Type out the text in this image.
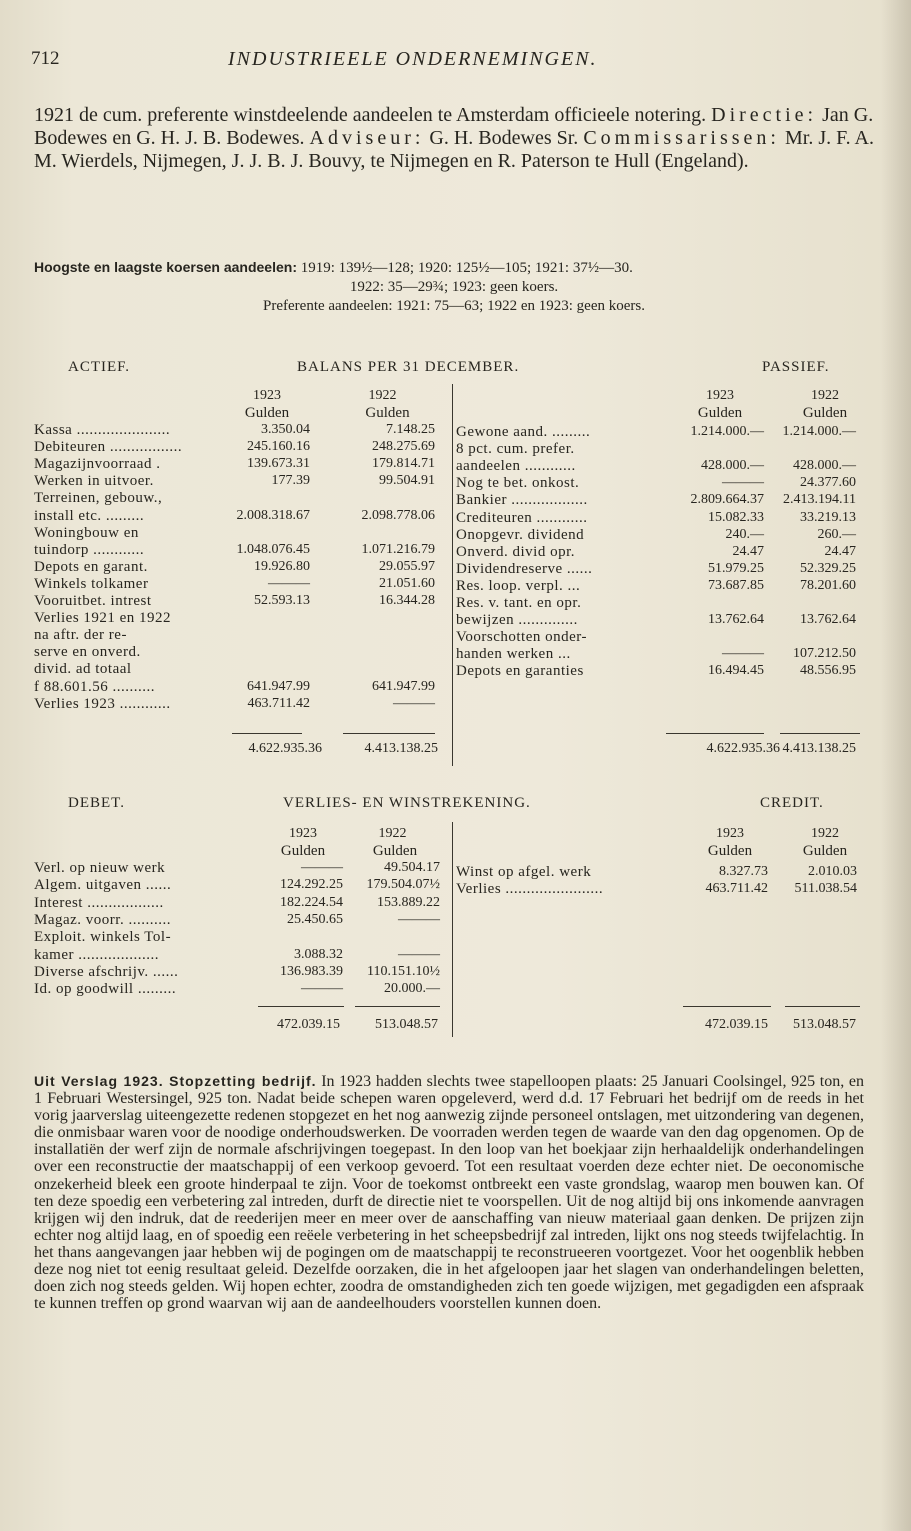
712	INDUSTRIEELE ONDERNEMINGEN.

1921 de cum. preferente winstdeelende aandeelen te Amsterdam officieele notering. Directie: Jan G. Bodewes en G. H. J. B. Bodewes. Adviseur: G. H. Bodewes Sr. Commissarissen: Mr. J. F. A. M. Wierdels, Nijmegen, J. J. B. J. Bouvy, te Nijmegen en R. Paterson te Hull (Engeland).

Hoogste en laagste koersen aandeelen: 1919: 139½—128; 1920: 125½—105; 1921: 37½—30.

1922: 35—29¾; 1923: geen koers.

Preferente aandeelen: 1921: 75—63; 1922 en 1923: geen koers.

ACTIEF.	BALANS PER 31 DECEMBER.	PASSIEF.
1923	1922
Gulden	Gulden
1923	1922
Gulden	Gulden
Kassa ......................	3.350.04	7.148.25
Debiteuren .................	245.160.16	248.275.69
Magazijnvoorraad .	139.673.31	179.814.71
Werken in uitvoer.	177.39	99.504.91
Terreinen, gebouw.,
install etc. .........	2.008.318.67	2.098.778.06
Woningbouw en
tuindorp ............	1.048.076.45	1.071.216.79
Depots en garant.	19.926.80	29.055.97
Winkels tolkamer	———	21.051.60
Vooruitbet. intrest	52.593.13	16.344.28
Verlies 1921 en 1922
na aftr. der re-
serve en onverd.
divid. ad totaal
f 88.601.56 ..........	641.947.99	641.947.99
Verlies 1923 ............	463.711.42	———
Gewone aand. .........	1.214.000.—	1.214.000.—
8 pct. cum. prefer.
aandeelen ............	428.000.—	428.000.—
Nog te bet. onkost.	———	24.377.60
Bankier ..................	2.809.664.37	2.413.194.11
Crediteuren ............	15.082.33	33.219.13
Onopgevr. dividend	240.—	260.—
Onverd. divid opr.	24.47	24.47
Dividendreserve ......	51.979.25	52.329.25
Res. loop. verpl. ...	73.687.85	78.201.60
Res. v. tant. en opr.
bewijzen ..............	13.762.64	13.762.64
Voorschotten onder-
handen werken ...	———	107.212.50
Depots en garanties	16.494.45	48.556.95
4.622.935.36	4.413.138.25	4.622.935.36 4.413.138.25
DEBET.	VERLIES- EN WINSTREKENING.	CREDIT.
1923	1922
Gulden	Gulden
1923	1922
Gulden	Gulden
Verl. op nieuw werk	———	49.504.17
Algem. uitgaven ......	124.292.25	179.504.07½
Interest ..................	182.224.54	153.889.22
Magaz. voorr. ..........	25.450.65	———
Exploit. winkels Tol-
kamer ...................	3.088.32	———
Diverse afschrijv. ......	136.983.39	110.151.10½
Id. op goodwill .........	———	20.000.—
Winst op afgel. werk	8.327.73	2.010.03
Verlies .......................	463.711.42	511.038.54
472.039.15	513.048.57	472.039.15	513.048.57
Uit Verslag 1923. Stopzetting bedrijf. In 1923 hadden slechts twee stapelloopen plaats: 25 Januari Coolsingel, 925 ton, en 1 Februari Westersingel, 925 ton. Nadat beide schepen waren opgeleverd, werd d.d. 17 Februari het bedrijf om de reeds in het vorig jaarverslag uiteengezette redenen stopgezet en het nog aanwezig zijnde personeel ontslagen, met uitzondering van degenen, die onmisbaar waren voor de noodige onderhoudswerken. De voorraden werden tegen de waarde van den dag opgenomen. Op de installatiën der werf zijn de normale afschrijvingen toegepast. In den loop van het boekjaar zijn herhaaldelijk onderhandelingen over een reconstructie der maatschappij of een verkoop gevoerd. Tot een resultaat voerden deze echter niet. De oeconomische onzekerheid bleek een groote hinderpaal te zijn. Voor de toekomst ontbreekt een vaste grondslag, waarop men bouwen kan. Of ten deze spoedig een verbetering zal intreden, durft de directie niet te voorspellen. Uit de nog altijd bij ons inkomende aanvragen krijgen wij den indruk, dat de reederijen meer en meer over de aanschaffing van nieuw materiaal gaan denken. De prijzen zijn echter nog altijd laag, en of spoedig een reëele verbetering in het scheepsbedrijf zal intreden, lijkt ons nog steeds twijfelachtig. In het thans aangevangen jaar hebben wij de pogingen om de maatschappij te reconstrueeren voortgezet. Voor het oogenblik hebben deze nog niet tot eenig resultaat geleid. Dezelfde oorzaken, die in het afgeloopen jaar het slagen van onderhandelingen beletten, doen zich nog steeds gelden. Wij hopen echter, zoodra de omstandigheden zich ten goede wijzigen, met gegadigden een afspraak te kunnen treffen op grond waarvan wij aan de aandeelhouders voorstellen kunnen doen.
